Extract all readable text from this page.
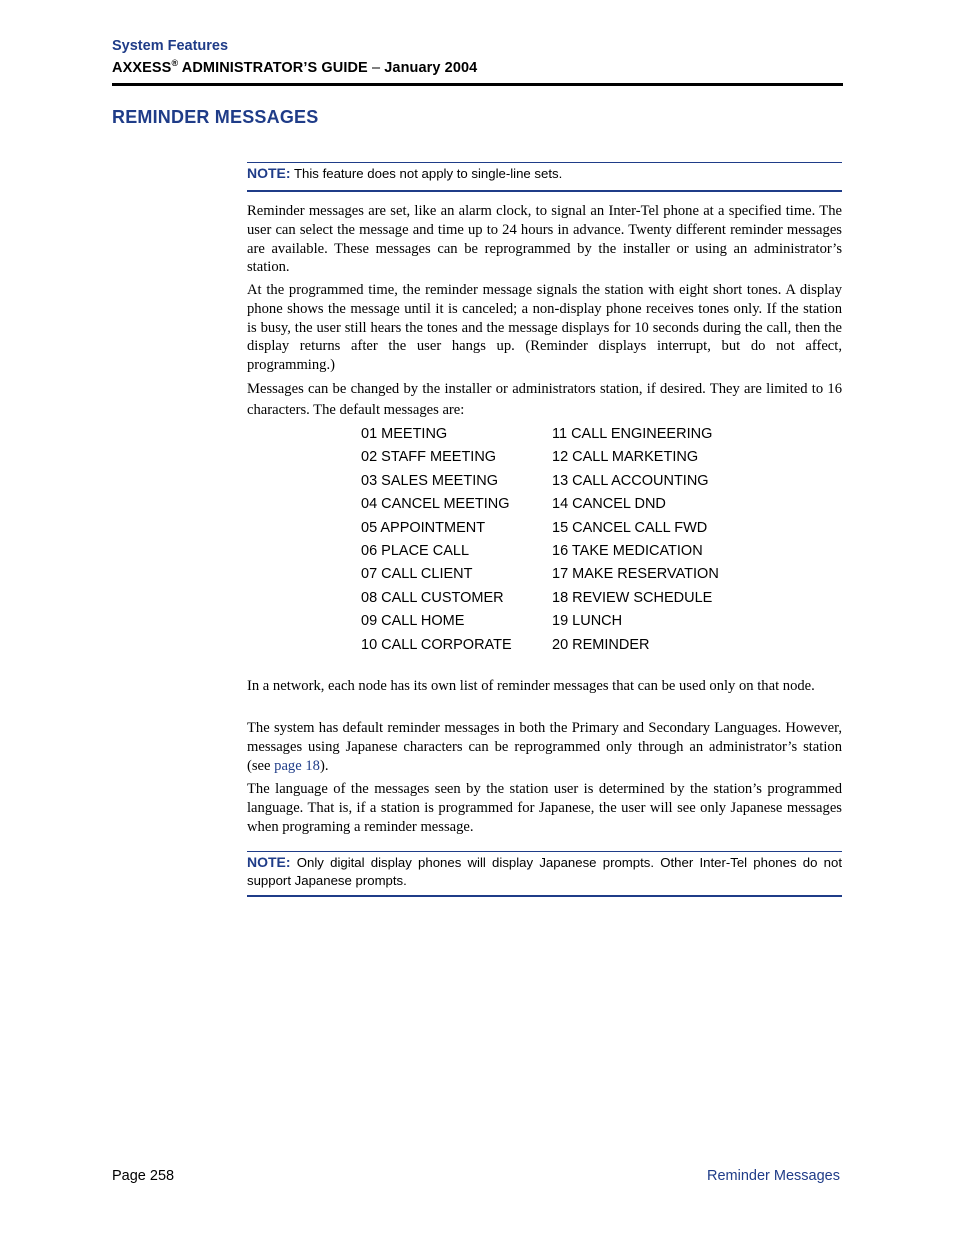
System Features
AXXESS® ADMINISTRATOR’S GUIDE – January 2004
REMINDER MESSAGES
NOTE: This feature does not apply to single-line sets.
Reminder messages are set, like an alarm clock, to signal an Inter-Tel phone at a specified time. The user can select the message and time up to 24 hours in advance. Twenty different reminder messages are available. These messages can be reprogrammed by the installer or using an administrator’s station.
At the programmed time, the reminder message signals the station with eight short tones. A display phone shows the message until it is canceled; a non-display phone receives tones only. If the station is busy, the user still hears the tones and the message displays for 10 seconds during the call, then the display returns after the user hangs up. (Reminder displays interrupt, but do not affect, programming.)
Messages can be changed by the installer or administrators station, if desired. They are limited to 16 characters. The default messages are:
01 MEETING
02 STAFF MEETING
03 SALES MEETING
04 CANCEL MEETING
05 APPOINTMENT
06 PLACE CALL
07 CALL CLIENT
08 CALL CUSTOMER
09 CALL HOME
10 CALL CORPORATE
11 CALL ENGINEERING
12 CALL MARKETING
13 CALL ACCOUNTING
14 CANCEL DND
15 CANCEL CALL FWD
16 TAKE MEDICATION
17 MAKE RESERVATION
18 REVIEW SCHEDULE
19 LUNCH
20 REMINDER
In a network, each node has its own list of reminder messages that can be used only on that node.
The system has default reminder messages in both the Primary and Secondary Languages. However, messages using Japanese characters can be reprogrammed only through an administrator’s station (see page 18).
The language of the messages seen by the station user is determined by the station’s programmed language. That is, if a station is programmed for Japanese, the user will see only Japanese messages when programing a reminder message.
NOTE: Only digital display phones will display Japanese prompts. Other Inter-Tel phones do not support Japanese prompts.
Page 258	Reminder Messages
